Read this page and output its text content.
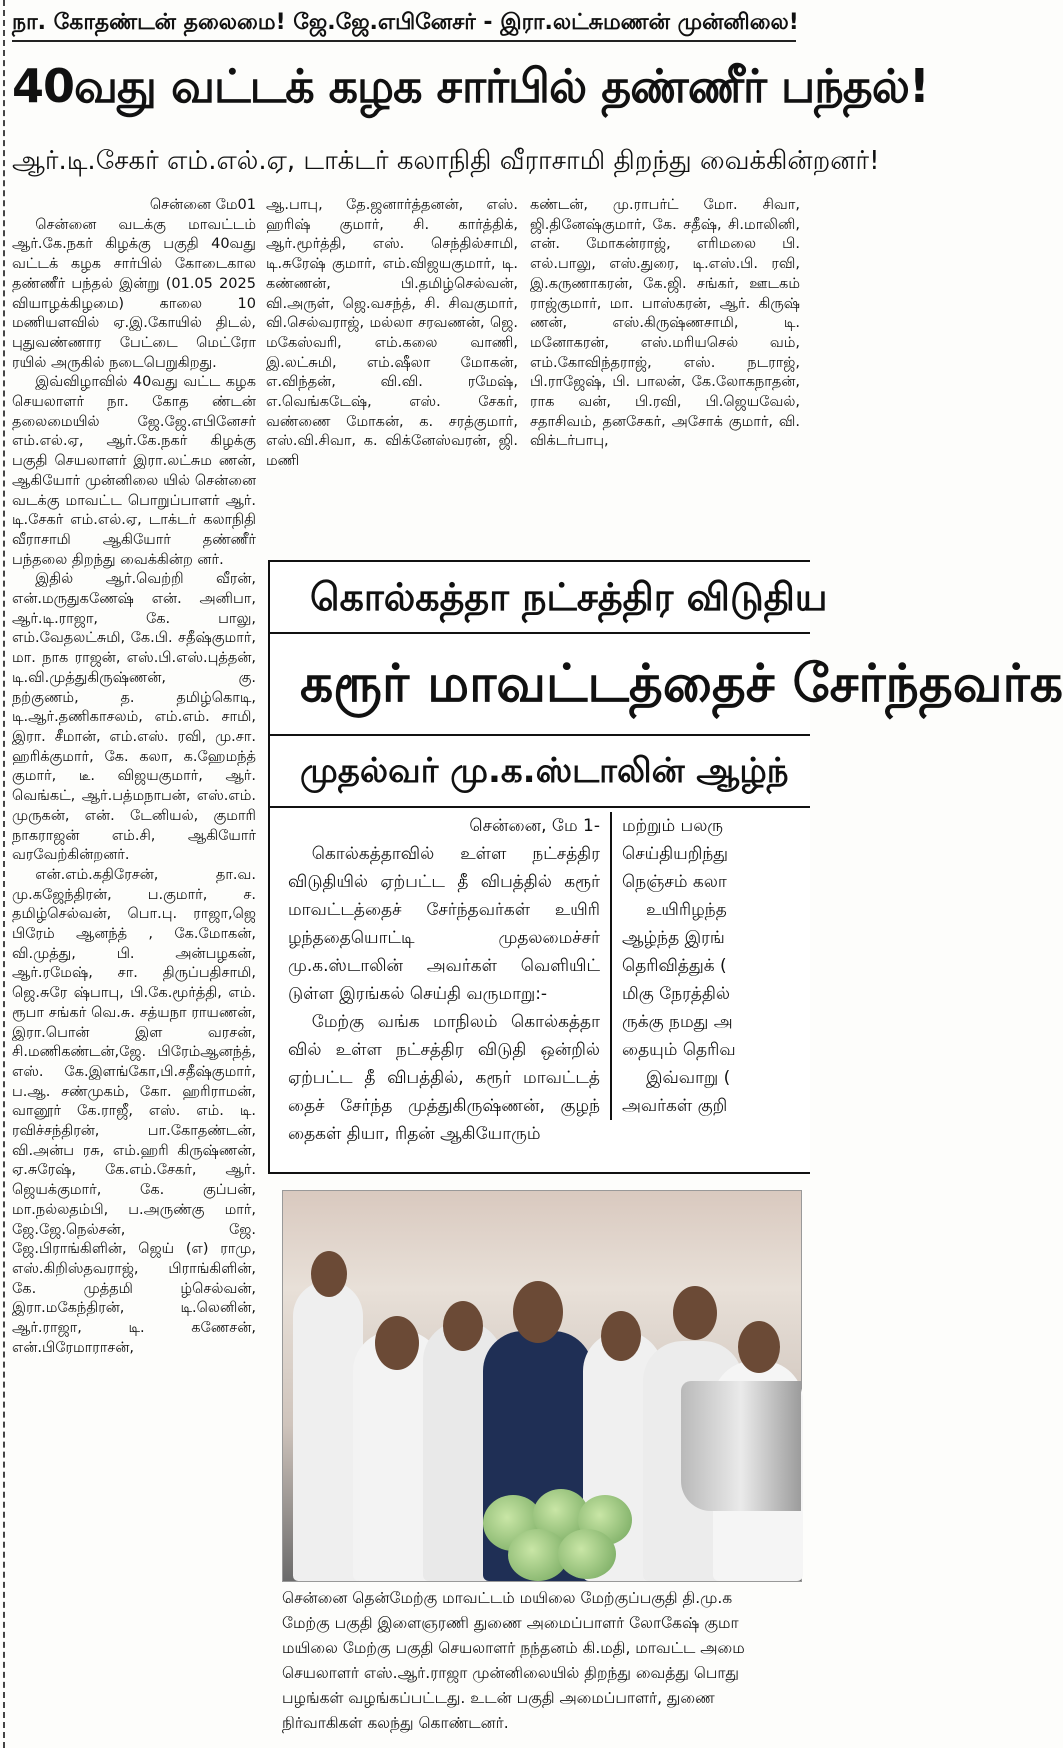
நா. கோதண்டன் தலைமை! ஜே.ஜே.எபினேசர் - இரா.லட்சுமணன் முன்னிலை!
40வது வட்டக் கழக சார்பில் தண்ணீர் பந்தல்!
ஆர்.டி.சேகர் எம்.எல்.ஏ, டாக்டர் கலாநிதி வீராசாமி திறந்து வைக்கின்றனர்!

சென்னை மே01

சென்னை வடக்கு மாவட்டம் ஆர்.கே.நகர் கிழக்கு பகுதி 40வது வட்டக் கழக சார்பில் கோடைகால தண்ணீர் பந்தல் இன்று (01.05 2025 வியாழக்கிழமை) காலை 10 மணியளவில் ஏ.இ.கோயில் திடல், புதுவண்ணார பேட்டை மெட்ரோ ரயில் அருகில் நடைபெறுகிறது.

இவ்விழாவில் 40வது வட்ட கழக செயலாளர் நா. கோத ண்டன் தலைமையில் ஜே.ஜே.எபினேசர் எம்.எல்.ஏ, ஆர்.கே.நகர் கிழக்கு பகுதி செயலாளர் இரா.லட்சும ணன், ஆகியோர் முன்னிலை யில் சென்னை வடக்கு மாவட்ட பொறுப்பாளர் ஆர். டி.சேகர் எம்.எல்.ஏ, டாக்டர் கலாநிதி வீராசாமி ஆகியோர் தண்ணீர் பந்தலை திறந்து வைக்கின்ற னர்.

இதில் ஆர்.வெற்றி வீரன், என்.மருதுகணேஷ் என். அனிபா, ஆர்.டி.ராஜா, கே. பாலு, எம்.வேதலட்சுமி, கே.பி. சதீஷ்குமார், மா. நாக ராஜன், எஸ்.பி.எஸ்.புத்தன், டி.வி.முத்துகிருஷ்ணன், கு. நற்குணம், த. தமிழ்கொடி, டி.ஆர்.தணிகாசலம், எம்.எம். சாமி, இரா. சீமான், எம்.எஸ். ரவி, மு.சா. ஹரிக்குமார், கே. கலா, க.ஹேமந்த் குமார், டீ. விஜயகுமார், ஆர். வெங்கட், ஆர்.பத்மநாபன், எஸ்.எம். முருகன், என். டேனியல், குமாரி நாகராஜன் எம்.சி, ஆகியோர் வரவேற்கின்றனர்.

என்.எம்.கதிரேசன், தா.வ. மு.கஜேந்திரன், ப.குமார், ச. தமிழ்செல்வன், பொ.பு. ராஜா,ஜெ பிரேம் ஆனந்த் , கே.மோகன், வி.முத்து, பி. அன்பழகன், ஆர்.ரமேஷ், சா. திருப்பதிசாமி, ஜெ.சுரே ஷ்பாபு, பி.கே.மூர்த்தி, எம். ரூபா சங்கர் வெ.சு. சத்யநா ராயணன், இரா.பொன் இள வரசன், சி.மணிகண்டன்,ஜே. பிரேம்ஆனந்த், எஸ். கே.இளங்கோ,பி.சதீஷ்குமார், ப.ஆ. சண்முகம், கோ. ஹரிராமன், வானூர் கே.ராஜீ, எஸ். எம். டி. ரவிச்சந்திரன், பா.கோதண்டன், வி.அன்ப ரசு, எம்.ஹரி கிருஷ்ணன், ஏ.சுரேஷ், கே.எம்.சேகர், ஆர். ஜெயக்குமார், கே. குப்பன், மா.நல்லதம்பி, ப.அருண்கு மார், ஜே.ஜே.நெல்சன், ஜே. ஜே.பிராங்கிளின், ஜெய் (எ) ராமு, எஸ்.கிறிஸ்தவராஜ், பிராங்கிளின், கே. முத்தமி ழ்செல்வன், இரா.மகேந்திரன், டி.லெனின், ஆர்.ராஜா, டி. கணேசன், என்.பிரேமாராசன்,

ஆ.பாபு, தே.ஜனார்த்தனன், எஸ். ஹரிஷ் குமார், சி. கார்த்திக், ஆர்.மூர்த்தி, எஸ். செந்தில்சாமி, டி.சுரேஷ் குமார், எம்.விஜயகுமார், டி. கண்ணன், பி.தமிழ்செல்வன், வி.அருள், ஜெ.வசந்த், சி. சிவகுமார், வி.செல்வராஜ், மல்லா சரவணன், ஜெ. மகேஸ்வரி, எம்.கலை வாணி, இ.லட்சுமி, எம்.ஷீலா மோகன், எ.விந்தன், வி.வி. ரமேஷ், எ.வெங்கடேஷ், எஸ். சேகர், வண்ணை மோகன், க. சரத்குமார், எஸ்.வி.சிவா, க. விக்னேஸ்வரன், ஜி. மணி

கண்டன், மு.ராபர்ட் மோ. சிவா, ஜி.தினேஷ்குமார், கே. சதீஷ், சி.மாலினி, என். மோகன்ராஜ், எரிமலை பி. எல்.பாலு, எஸ்.துரை, டி.எஸ்.பி. ரவி, இ.கருணாகரன், கே.ஜி. சங்கர், ஊடகம் ராஜ்குமார், மா. பாஸ்கரன், ஆர். கிருஷ் ணன், எஸ்.கிருஷ்ணசாமி, டி. மனோகரன், எஸ்.மரியசெல் வம், எம்.கோவிந்தராஜ், எஸ். நடராஜ், பி.ராஜேஷ், பி. பாலன், கே.லோகநாதன், ராக வன், பி.ரவி, பி.ஜெயவேல், சதாசிவம், தனசேகர், அசோக் குமார், வி. விக்டர்பாபு,

கொல்கத்தா நட்சத்திர விடுதிய
கரூர் மாவட்டத்தைச் சேர்ந்தவர்க
முதல்வர் மு.க.ஸ்டாலின் ஆழ்ந்

சென்னை, மே 1-

கொல்கத்தாவில் உள்ள நட்சத்திர விடுதியில் ஏற்பட்ட தீ விபத்தில் கரூர் மாவட்டத்தைச் சேர்ந்தவர்கள் உயிரி ழந்ததையொட்டி முதலமைச்சர் மு.க.ஸ்டாலின் அவர்கள் வெளியிட் டுள்ள இரங்கல் செய்தி வருமாறு:-

மேற்கு வங்க மாநிலம் கொல்கத்தா வில் உள்ள நட்சத்திர விடுதி ஒன்றில் ஏற்பட்ட தீ விபத்தில், கரூர் மாவட்டத் தைச் சேர்ந்த முத்துகிருஷ்ணன், குழந் தைகள் தியா, ரிதன் ஆகியோரும்

மற்றும் பலரு

செய்தியறிந்து

நெஞ்சம் கலா

உயிரிழந்த

ஆழ்ந்த இரங்

தெரிவித்துக் (

மிகு நேரத்தில்

ருக்கு நமது அ

தையும் தெரிவ

இவ்வாறு (

அவர்கள் குறி

சென்னை தென்மேற்கு மாவட்டம் மயிலை மேற்குப்பகுதி தி.மு.க

மேற்கு பகுதி இளைஞரணி துணை அமைப்பாளர் லோகேஷ் குமா

மயிலை மேற்கு பகுதி செயலாளர் நந்தனம் கி.மதி, மாவட்ட அமை

செயலாளர் எஸ்.ஆர்.ராஜா முன்னிலையில் திறந்து வைத்து பொது

பழங்கள் வழங்கப்பட்டது. உடன் பகுதி அமைப்பாளர், துணை

நிர்வாகிகள் கலந்து கொண்டனர்.
